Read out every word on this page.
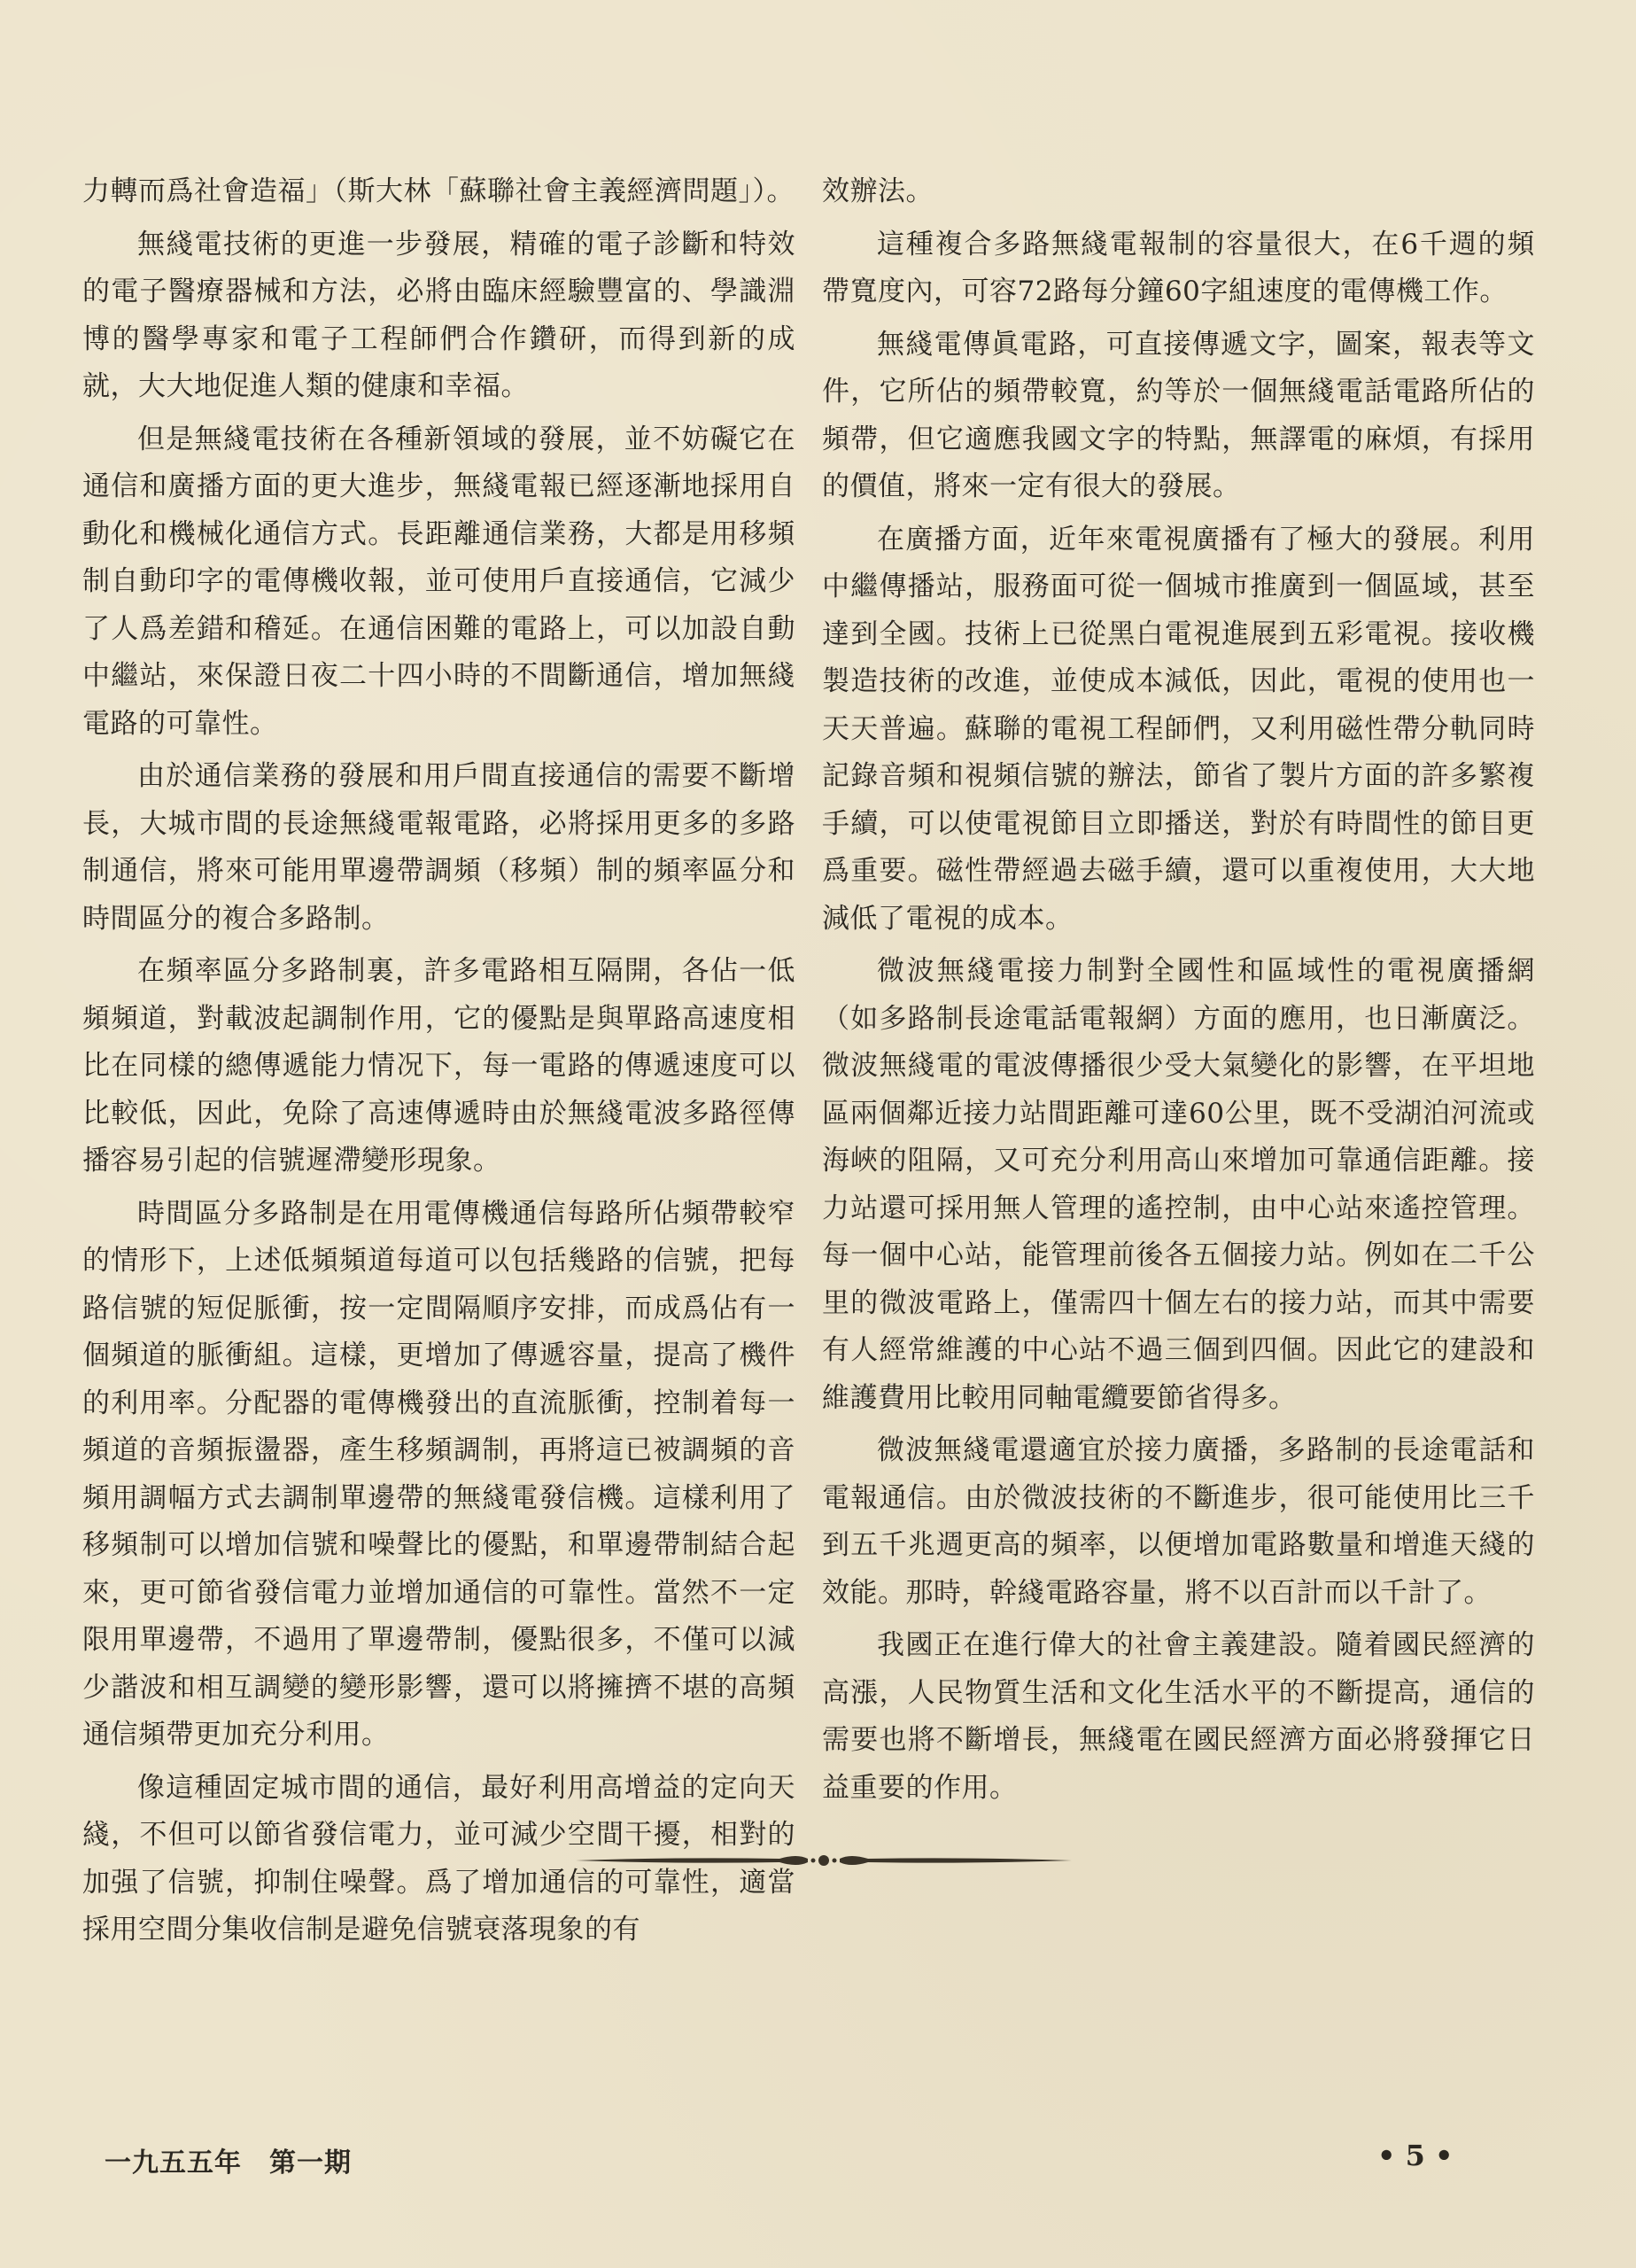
力轉而爲社會造福」（斯大林「蘇聯社會主義經濟問題」）。

無綫電技術的更進一步發展，精確的電子診斷和特效的電子醫療器械和方法，必將由臨床經驗豐富的、學識淵博的醫學專家和電子工程師們合作鑽研，而得到新的成就，大大地促進人類的健康和幸福。

但是無綫電技術在各種新領域的發展，並不妨礙它在通信和廣播方面的更大進步，無綫電報已經逐漸地採用自動化和機械化通信方式。長距離通信業務，大都是用移頻制自動印字的電傳機收報，並可使用戶直接通信，它減少了人爲差錯和稽延。在通信困難的電路上，可以加設自動中繼站，來保證日夜二十四小時的不間斷通信，增加無綫電路的可靠性。

由於通信業務的發展和用戶間直接通信的需要不斷增長，大城市間的長途無綫電報電路，必將採用更多的多路制通信，將來可能用單邊帶調頻（移頻）制的頻率區分和時間區分的複合多路制。

在頻率區分多路制裏，許多電路相互隔開，各佔一低頻頻道，對載波起調制作用，它的優點是與單路高速度相比在同樣的總傳遞能力情况下，每一電路的傳遞速度可以比較低，因此，免除了高速傳遞時由於無綫電波多路徑傳播容易引起的信號遲滯變形現象。

時間區分多路制是在用電傳機通信每路所佔頻帶較窄的情形下，上述低頻頻道每道可以包括幾路的信號，把每路信號的短促脈衝，按一定間隔順序安排，而成爲佔有一個頻道的脈衝組。這樣，更增加了傳遞容量，提高了機件的利用率。分配器的電傳機發出的直流脈衝，控制着每一頻道的音頻振盪器，產生移頻調制，再將這已被調頻的音頻用調幅方式去調制單邊帶的無綫電發信機。這樣利用了移頻制可以增加信號和噪聲比的優點，和單邊帶制結合起來，更可節省發信電力並增加通信的可靠性。當然不一定限用單邊帶，不過用了單邊帶制，優點很多，不僅可以減少諧波和相互調變的變形影響，還可以將擁擠不堪的高頻通信頻帶更加充分利用。

像這種固定城市間的通信，最好利用高增益的定向天綫，不但可以節省發信電力，並可減少空間干擾，相對的加强了信號，抑制住噪聲。爲了增加通信的可靠性，適當採用空間分集收信制是避免信號衰落現象的有

效辦法。

這種複合多路無綫電報制的容量很大，在6千週的頻帶寬度內，可容72路每分鐘60字組速度的電傳機工作。

無綫電傳眞電路，可直接傳遞文字，圖案，報表等文件，它所佔的頻帶較寬，約等於一個無綫電話電路所佔的頻帶，但它適應我國文字的特點，無譯電的麻煩，有採用的價值，將來一定有很大的發展。

在廣播方面，近年來電視廣播有了極大的發展。利用中繼傳播站，服務面可從一個城市推廣到一個區域，甚至達到全國。技術上已從黑白電視進展到五彩電視。接收機製造技術的改進，並使成本減低，因此，電視的使用也一天天普遍。蘇聯的電視工程師們，又利用磁性帶分軌同時記錄音頻和視頻信號的辦法，節省了製片方面的許多繁複手續，可以使電視節目立即播送，對於有時間性的節目更爲重要。磁性帶經過去磁手續，還可以重複使用，大大地減低了電視的成本。

微波無綫電接力制對全國性和區域性的電視廣播網（如多路制長途電話電報網）方面的應用，也日漸廣泛。微波無綫電的電波傳播很少受大氣變化的影響，在平坦地區兩個鄰近接力站間距離可達60公里，既不受湖泊河流或海峽的阻隔，又可充分利用高山來增加可靠通信距離。接力站還可採用無人管理的遙控制，由中心站來遙控管理。每一個中心站，能管理前後各五個接力站。例如在二千公里的微波電路上，僅需四十個左右的接力站，而其中需要有人經常維護的中心站不過三個到四個。因此它的建設和維護費用比較用同軸電纜要節省得多。

微波無綫電還適宜於接力廣播，多路制的長途電話和電報通信。由於微波技術的不斷進步，很可能使用比三千到五千兆週更高的頻率，以便增加電路數量和增進天綫的效能。那時，幹綫電路容量，將不以百計而以千計了。

我國正在進行偉大的社會主義建設。隨着國民經濟的高漲，人民物質生活和文化生活水平的不斷提高，通信的需要也將不斷增長，無綫電在國民經濟方面必將發揮它日益重要的作用。

一九五五年　第一期	• 5 •
